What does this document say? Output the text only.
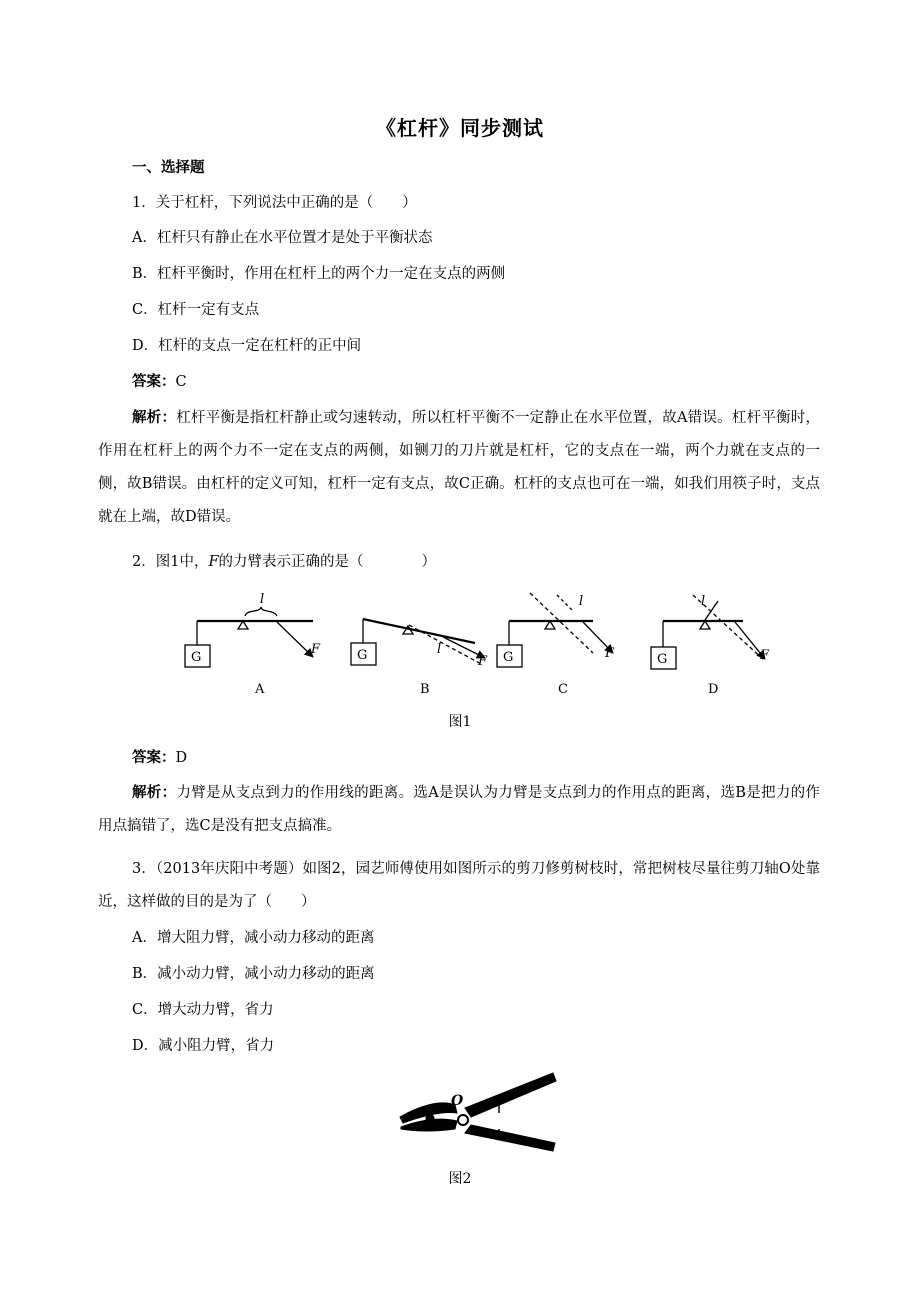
《杠杆》同步测试
一、选择题
1．关于杠杆，下列说法中正确的是（　　）
A．杠杆只有静止在水平位置才是处于平衡状态
B．杠杆平衡时，作用在杠杆上的两个力一定在支点的两侧
C．杠杆一定有支点
D．杠杆的支点一定在杠杆的正中间
答案：C
解析：杠杆平衡是指杠杆静止或匀速转动，所以杠杆平衡不一定静止在水平位置，故A错误。杠杆平衡时，作用在杠杆上的两个力不一定在支点的两侧，如铡刀的刀片就是杠杆，它的支点在一端，两个力就在支点的一侧，故B错误。由杠杆的定义可知，杠杆一定有支点，故C正确。杠杆的支点也可在一端，如我们用筷子时，支点就在上端，故D错误。
2．图1中，F的力臂表示正确的是（　　　　）
G	G	G	G
F
F
F	F
l
l
l	l
A	B	C	D
图1
答案：D
解析：力臂是从支点到力的作用线的距离。选A是误认为力臂是支点到力的作用点的距离，选B是把力的作用点搞错了，选C是没有把支点搞准。
3．（2013年庆阳中考题）如图2，园艺师傅使用如图所示的剪刀修剪树枝时，常把树枝尽量往剪刀轴O处靠近，这样做的目的是为了（　　）
A．增大阻力臂，减小动力移动的距离
B．减小动力臂，减小动力移动的距离
C．增大动力臂，省力
D．减小阻力臂，省力
O
图2
